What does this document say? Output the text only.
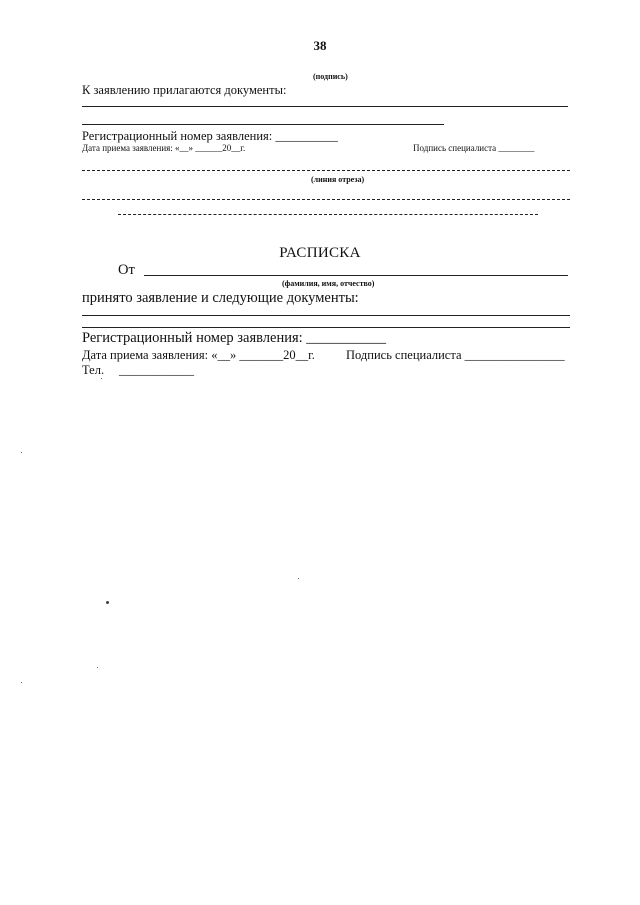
38
(подпись)
К заявлению прилагаются документы:
Регистрационный номер заявления: __________
Дата приема заявления: «__» ______20__г.	Подпись специалиста ________
(линия отреза)
РАСПИСКА
От
(фамилия, имя, отчество)
принято заявление и следующие документы:
Регистрационный номер заявления: ___________
Дата приема заявления: «__» _______20__г. Подпись специалиста ________________
Тел. ____________
